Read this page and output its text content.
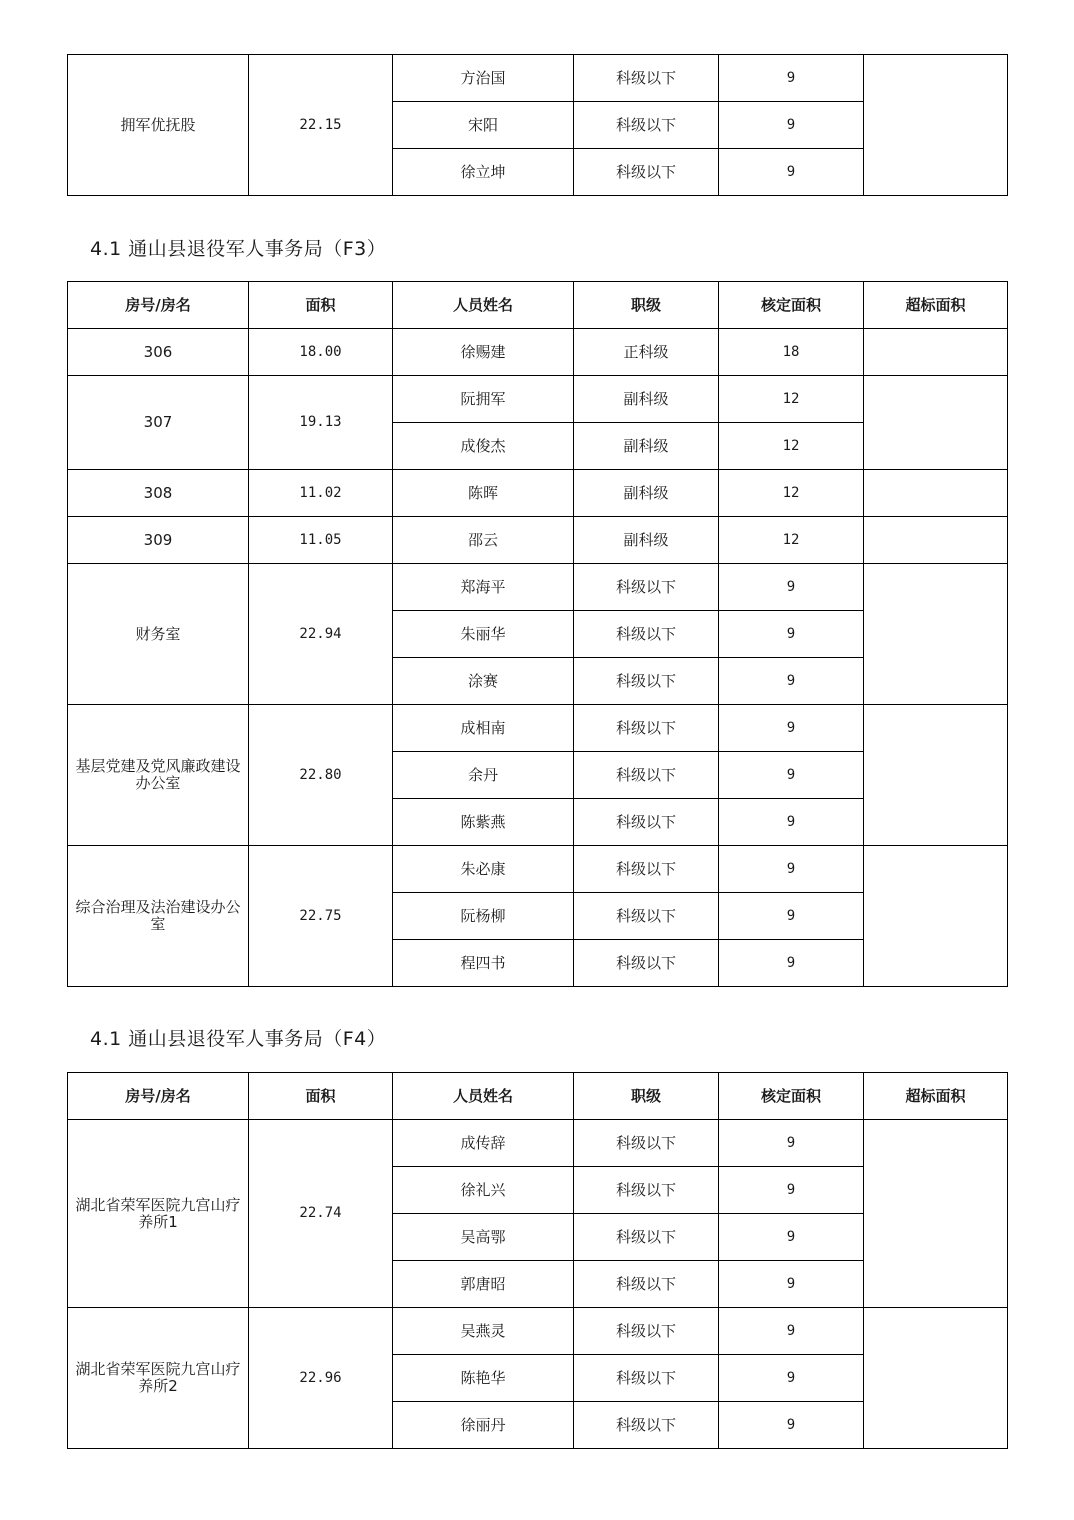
拥军优抚股	22.15	方治国	科级以下	9	
		宋阳	科级以下	9	
		徐立坤	科级以下	9	
4.1 通山县退役军人事务局（F3）
房号/房名	面积	人员姓名	职级	核定面积	超标面积
306	18.00	徐赐建	正科级	18	
307	19.13	阮拥军	副科级	12	
		成俊杰	副科级	12	
308	11.02	陈晖	副科级	12	
309	11.05	邵云	副科级	12	
财务室	22.94	郑海平	科级以下	9	
		朱丽华	科级以下	9	
		涂赛	科级以下	9	
基层党建及党风廉政建设办公室	22.80	成相南	科级以下	9	
		余丹	科级以下	9	
		陈紫燕	科级以下	9	
综合治理及法治建设办公室	22.75	朱必康	科级以下	9	
		阮杨柳	科级以下	9	
		程四书	科级以下	9	
4.1 通山县退役军人事务局（F4）
房号/房名	面积	人员姓名	职级	核定面积	超标面积
湖北省荣军医院九宫山疗养所1	22.74	成传辞	科级以下	9	
		徐礼兴	科级以下	9	
		吴高鄂	科级以下	9	
		郭唐昭	科级以下	9	
湖北省荣军医院九宫山疗养所2	22.96	吴燕灵	科级以下	9	
		陈艳华	科级以下	9	
		徐丽丹	科级以下	9	
